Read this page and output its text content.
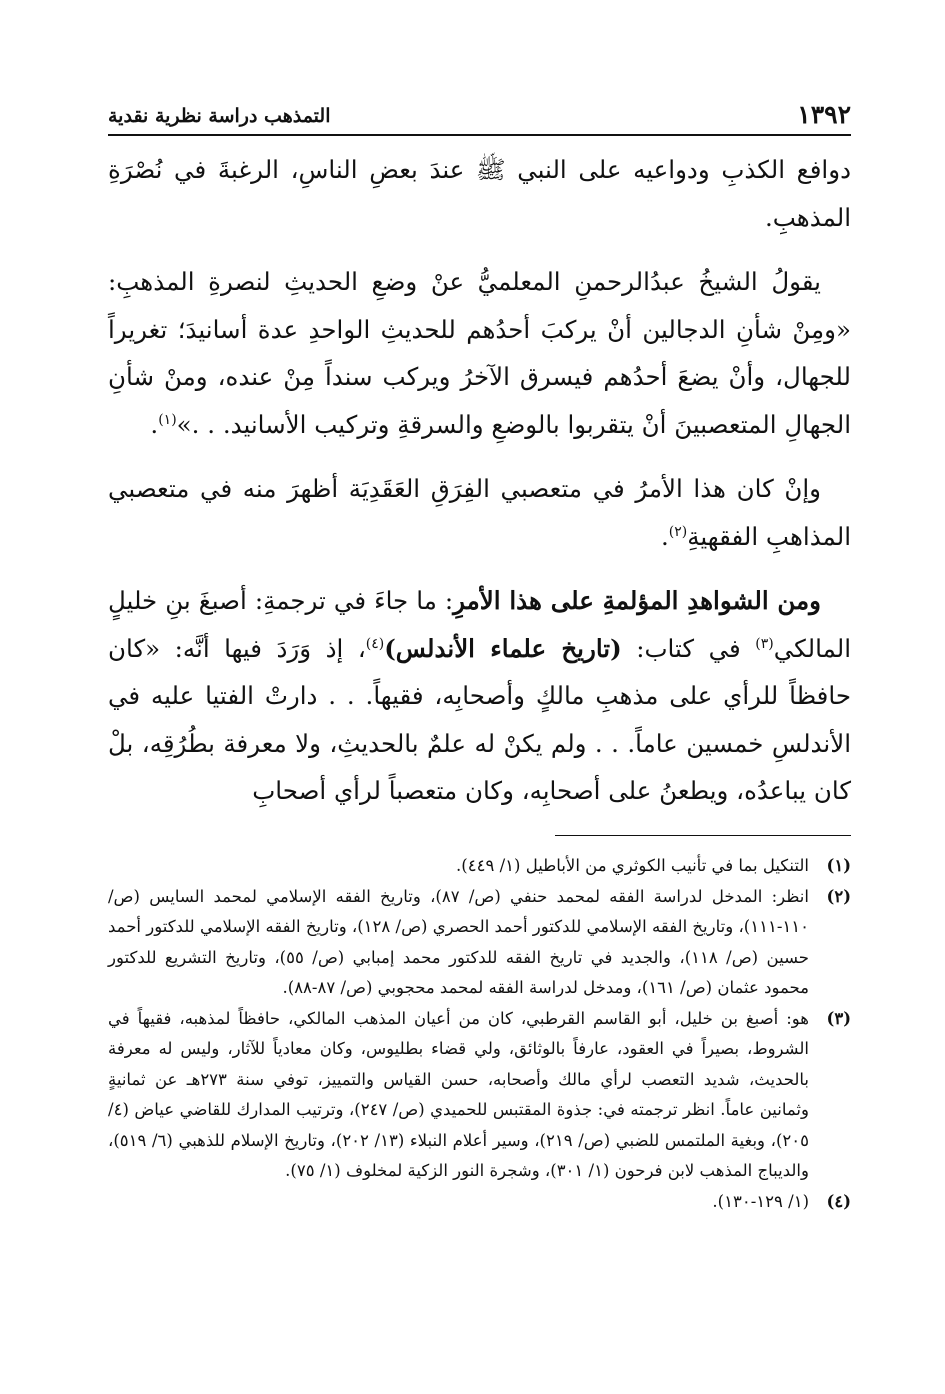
١٣٩٢
التمذهب دراسة نظرية نقدية

دوافع الكذبِ ودواعيه على النبي ﷺ عندَ بعضِ الناسِ، الرغبةَ في نُصْرَةِ المذهبِ.

يقولُ الشيخُ عبدُالرحمنِ المعلميُّ عنْ وضعِ الحديثِ لنصرةِ المذهبِ: «ومِنْ شأنِ الدجالين أنْ يركبَ أحدُهم للحديثِ الواحدِ عدة أسانيدَ؛ تغريراً للجهال، وأنْ يضعَ أحدُهم فيسرق الآخرُ ويركب سنداً مِنْ عنده، ومنْ شأنِ الجهالِ المتعصبينَ أنْ يتقربوا بالوضعِ والسرقةِ وتركيب الأسانيد. . .»$^{(١)}$.

وإنْ كان هذا الأمرُ في متعصبي الفِرَقِ العَقَدِيَة أظهرَ منه في متعصبي المذاهبِ الفقهيةِ$^{(٢)}$.

ومن الشواهدِ المؤلمةِ على هذا الأمرِ: ما جاءَ في ترجمةِ: أصبغَ بنِ خليلٍ المالكي$^{(٣)}$ في كتاب: (تاريخ علماء الأندلس)$^{(٤)}$، إذ وَرَدَ فيها أنَّه: «كان حافظاً للرأي على مذهبِ مالكٍ وأصحابِه، فقيهاً. . . دارتْ الفتيا عليه في الأندلسِ خمسين عاماً. . . ولم يكنْ له علمٌ بالحديثِ، ولا معرفة بطُرُقِه، بلْ كان يباعدُه، ويطعنُ على أصحابِه، وكان متعصباً لرأي أصحابِ

(١)
التنكيل بما في تأنيب الكوثري من الأباطيل (١/ ٤٤٩).
(٢)
انظر: المدخل لدراسة الفقه لمحمد حنفي (ص/ ٨٧)، وتاريخ الفقه الإسلامي لمحمد السايس (ص/ ١١٠-١١١)، وتاريخ الفقه الإسلامي للدكتور أحمد الحصري (ص/ ١٢٨)، وتاريخ الفقه الإسلامي للدكتور أحمد حسين (ص/ ١١٨)، والجديد في تاريخ الفقه للدكتور محمد إمبابي (ص/ ٥٥)، وتاريخ التشريع للدكتور محمود عثمان (ص/ ١٦١)، ومدخل لدراسة الفقه لمحمد محجوبي (ص/ ٨٧-٨٨).
(٣)
هو: أصبغ بن خليل، أبو القاسم القرطبي، كان من أعيان المذهب المالكي، حافظاً لمذهبه، فقيهاً في الشروط، بصيراً في العقود، عارفاً بالوثائق، ولي قضاء بطليوس، وكان معادياً للآثار، وليس له معرفة بالحديث، شديد التعصب لرأي مالك وأصحابه، حسن القياس والتمييز، توفي سنة ٢٧٣هـ عن ثمانيةٍ وثمانين عاماً. انظر ترجمته في: جذوة المقتبس للحميدي (ص/ ٢٤٧)، وترتيب المدارك للقاضي عياض (٤/ ٢٠٥)، وبغية الملتمس للضبي (ص/ ٢١٩)، وسير أعلام النبلاء (١٣/ ٢٠٢)، وتاريخ الإسلام للذهبي (٦/ ٥١٩)، والديباج المذهب لابن فرحون (١/ ٣٠١)، وشجرة النور الزكية لمخلوف (١/ ٧٥).
(٤)
(١/ ١٢٩-١٣٠).
